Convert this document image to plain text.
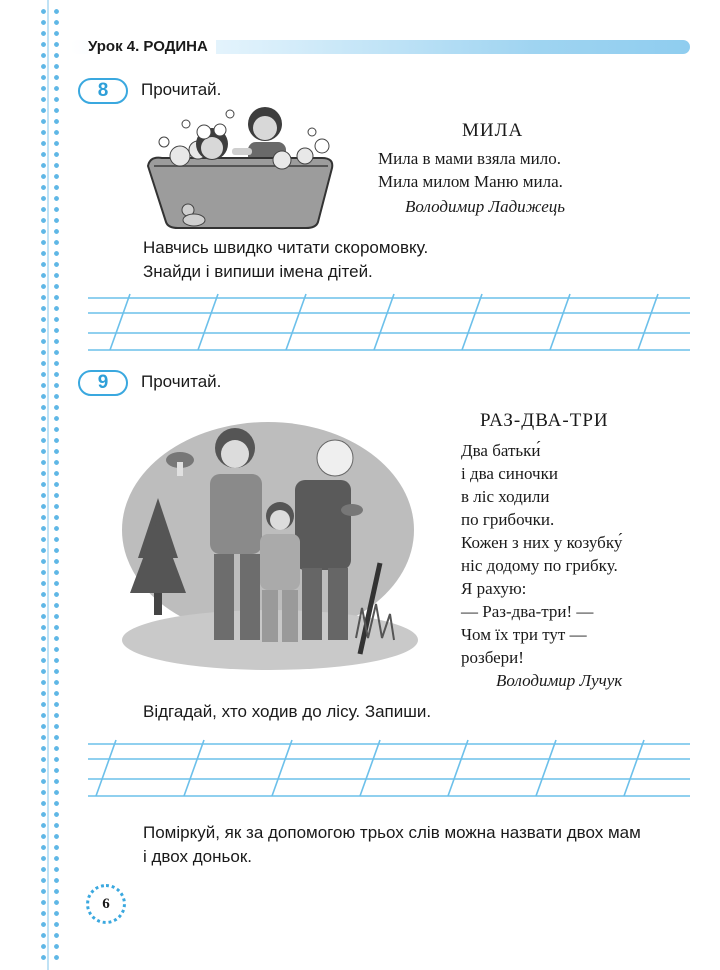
Урок 4. РОДИНА
8	Прочитай.
МИЛА
Мила в мами взяла мило.
Мила милом Маню мила.
Володимир Ладижець
Навчись швидко читати скоромовку.
Знайди і випиши імена дітей.
9	Прочитай.
РАЗ-ДВА-ТРИ
Два батьки́
і два синочки
в ліс ходили
по грибочки.
Кожен з них у козубку́
ніс додому по грибку.
Я рахую:
— Раз-два-три! —
Чом їх три тут —
розбери!
Володимир Лучук
Відгадай, хто ходив до лісу. Запиши.
Поміркуй, як за допомогою трьох слів можна назвати двох мам
і двох доньок.
6
